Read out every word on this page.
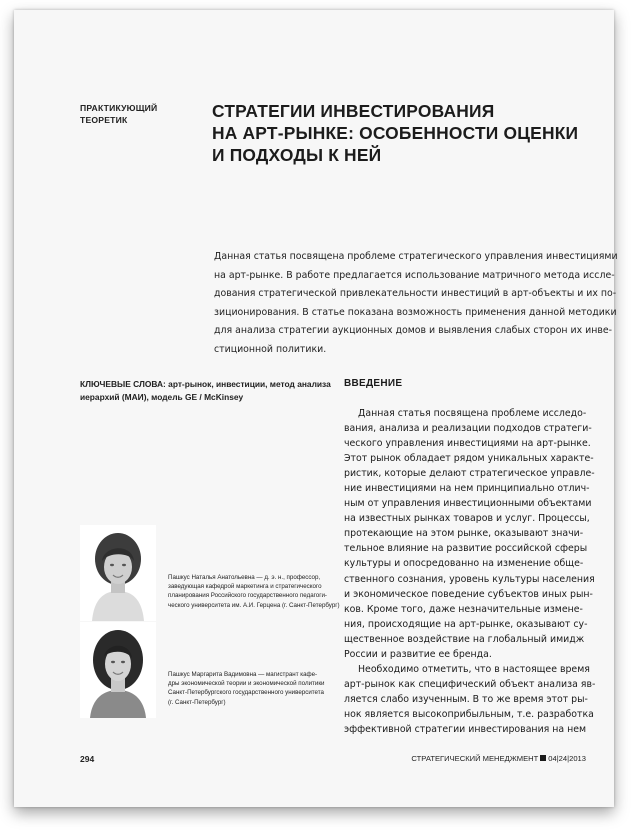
ПРАКТИКУЮЩИЙ
ТЕОРЕТИК	СТРАТЕГИИ ИНВЕСТИРОВАНИЯ
НА АРТ-РЫНКЕ: ОСОБЕННОСТИ ОЦЕНКИ
И ПОДХОДЫ К НЕЙ
Данная статья посвящена проблеме стратегического управления инвестициями
на арт-рынке. В работе предлагается использование матричного метода иссле-
дования стратегической привлекательности инвестиций в арт-объекты и их по-
зиционирования. В статье показана возможность применения данной методики
для анализа стратегии аукционных домов и выявления слабых сторон их инве-
стиционной политики.
КЛЮЧЕВЫЕ СЛОВА: арт-рынок, инвестиции, метод анализа
иерархий (МАИ), модель GE / McKinsey
Пашкус Наталья Анатольевна — д. э. н., профессор,
заведующая кафедрой маркетинга и стратегического
планирования Российского государственного педагоги-
ческого университета им. А.И. Герцена (г. Санкт-Петербург)
Пашкус Маргарита Вадимовна — магистрант кафе-
дры экономической теории и экономической политики
Санкт-Петербургского государственного университета
(г. Санкт-Петербург)
ВВЕДЕНИЕ
Данная статья посвящена проблеме исследо-
вания, анализа и реализации подходов стратеги-
ческого управления инвестициями на арт-рынке.
Этот рынок обладает рядом уникальных характе-
ристик, которые делают стратегическое управле-
ние инвестициями на нем принципиально отлич-
ным от управления инвестиционными объектами
на известных рынках товаров и услуг. Процессы,
протекающие на этом рынке, оказывают значи-
тельное влияние на развитие российской сферы
культуры и опосредованно на изменение обще-
ственного сознания, уровень культуры населения
и экономическое поведение субъектов иных рын-
ков. Кроме того, даже незначительные измене-
ния, происходящие на арт-рынке, оказывают су-
щественное воздействие на глобальный имидж
России и развитие ее бренда.
Необходимо отметить, что в настоящее время
арт-рынок как специфический объект анализа яв-
ляется слабо изученным. В то же время этот ры-
нок является высокоприбыльным, т.е. разработка
эффективной стратегии инвестирования на нем
294	СТРАТЕГИЧЕСКИЙ МЕНЕДЖМЕНТ 04|24|2013
